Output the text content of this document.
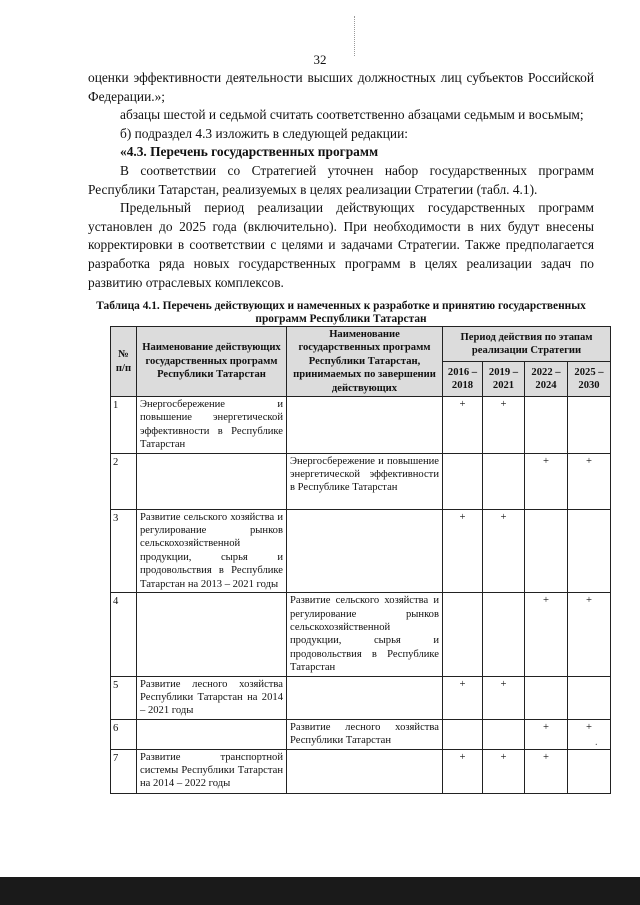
32

оценки эффективности деятельности высших должностных лиц субъектов Российской Федерации.»;

абзацы шестой и седьмой считать соответственно абзацами седьмым и восьмым;

б) подраздел 4.3 изложить в следующей редакции:

«4.3. Перечень государственных программ

В соответствии со Стратегией уточнен набор государственных программ Республики Татарстан, реализуемых в целях реализации Стратегии (табл. 4.1).

Предельный период реализации действующих государственных программ установлен до 2025 года (включительно). При необходимости в них будут внесены корректировки в соответствии с целями и задачами Стратегии. Также предполагается разработка ряда новых государственных программ в целях реализации задач по развитию отраслевых комплексов.

Таблица 4.1. Перечень действующих и намеченных к разработке и принятию государственных программ Республики Татарстан
№ п/п	Наименование действующих государственных программ Республики Татарстан	Наименование государственных программ Республики Татарстан, принимаемых по завершении действующих	Период действия по этапам реализации Стратегии			
			2016 – 2018	2019 – 2021	2022 – 2024	2025 – 2030
1	Энергосбережение и повышение энергетической эффективности в Республике Татарстан		+	+		
2		Энергосбережение и повышение энергетической эффективности в Республике Татарстан			+	+
3	Развитие сельского хозяйства и регулирование рынков сельскохозяйственной продукции, сырья и продовольствия в Республике Татарстан на 2013 – 2021 годы		+	+		
4		Развитие сельского хозяйства и регулирование рынков сельскохозяйственной продукции, сырья и продовольствия в Республике Татарстан			+	+
5	Развитие лесного хозяйства Республики Татарстан на 2014 – 2021 годы		+	+		
6		Развитие лесного хозяйства Республики Татарстан			+	+
7	Развитие транспортной системы Республики Татарстан на 2014 – 2022 годы		+	+	+	
·
